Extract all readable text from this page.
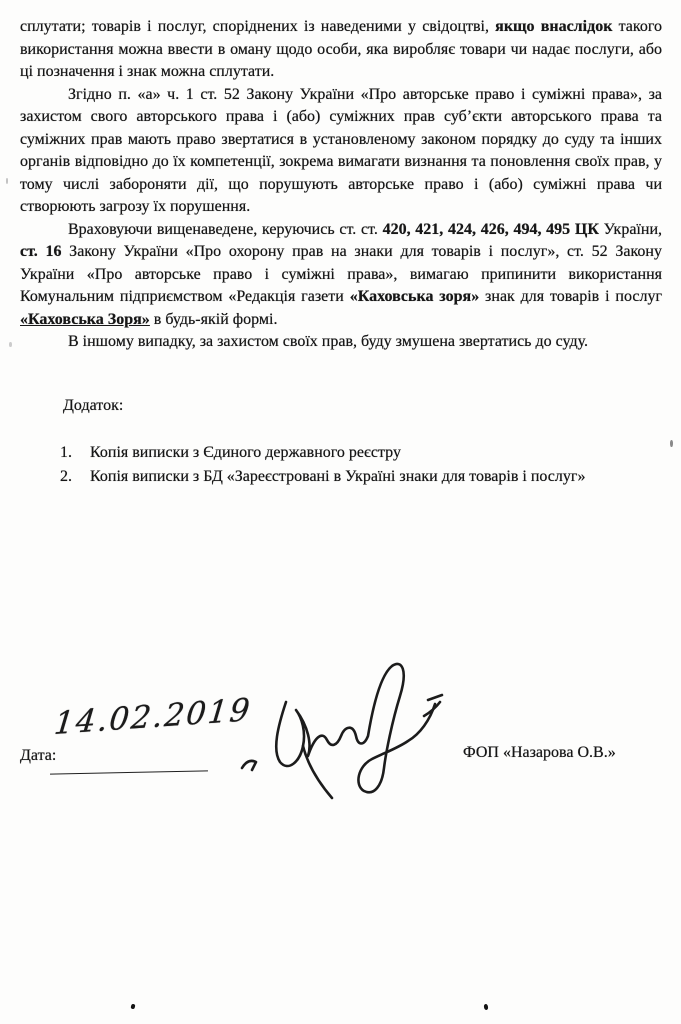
сплутати; товарів і послуг, споріднених із наведеними у свідоцтві, якщо внаслідок такого використання можна ввести в оману щодо особи, яка виробляє товари чи надає послуги, або ці позначення і знак можна сплутати.

Згідно п. «а» ч. 1 ст. 52 Закону України «Про авторське право і суміжні права», за захистом свого авторського права і (або) суміжних прав суб’єкти авторського права та суміжних прав мають право звертатися в установленому законом порядку до суду та інших органів відповідно до їх компетенції, зокрема вимагати визнання та поновлення своїх прав, у тому числі забороняти дії, що порушують авторське право і (або) суміжні права чи створюють загрозу їх порушення.

Враховуючи вищенаведене, керуючись ст. ст. 420, 421, 424, 426, 494, 495 ЦК України, ст. 16 Закону України «Про охорону прав на знаки для товарів і послуг», ст. 52 Закону України «Про авторське право і суміжні права», вимагаю припинити використання Комунальним підприємством «Редакція газети «Каховська зоря» знак для товарів і послуг «Каховська Зоря» в будь-якій формі.

В іншому випадку, за захистом своїх прав, буду змушена звертатись до суду.

Додаток:
1.	Копія виписки з Єдиного державного реєстру
2.	Копія виписки з БД «Зареєстровані в Україні знаки для товарів і послуг»
Дата:
14.02.2019
ФОП «Назарова О.В.»
